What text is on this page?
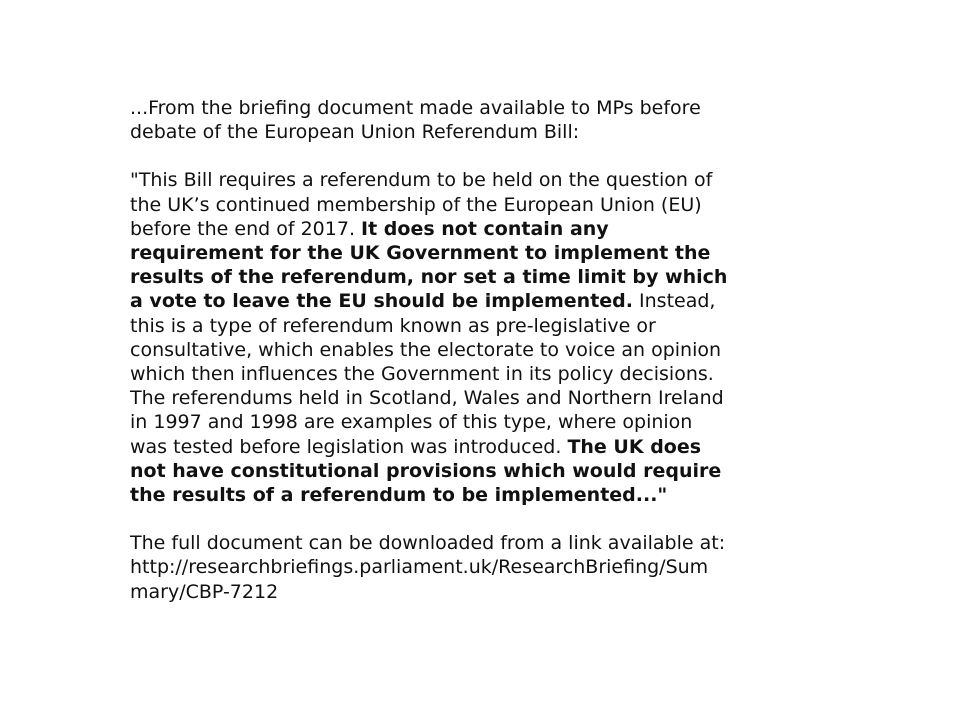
...From the briefing document made available to MPs before
debate of the European Union Referendum Bill:

"This Bill requires a referendum to be held on the question of
the UK’s continued membership of the European Union (EU)
before the end of 2017. It does not contain any
requirement for the UK Government to implement the
results of the referendum, nor set a time limit by which
a vote to leave the EU should be implemented. Instead,
this is a type of referendum known as pre-legislative or
consultative, which enables the electorate to voice an opinion
which then influences the Government in its policy decisions.
The referendums held in Scotland, Wales and Northern Ireland
in 1997 and 1998 are examples of this type, where opinion
was tested before legislation was introduced. The UK does
not have constitutional provisions which would require
the results of a referendum to be implemented..."

The full document can be downloaded from a link available at:
http://researchbriefings.parliament.uk/ResearchBriefing/Sum
mary/CBP-7212
